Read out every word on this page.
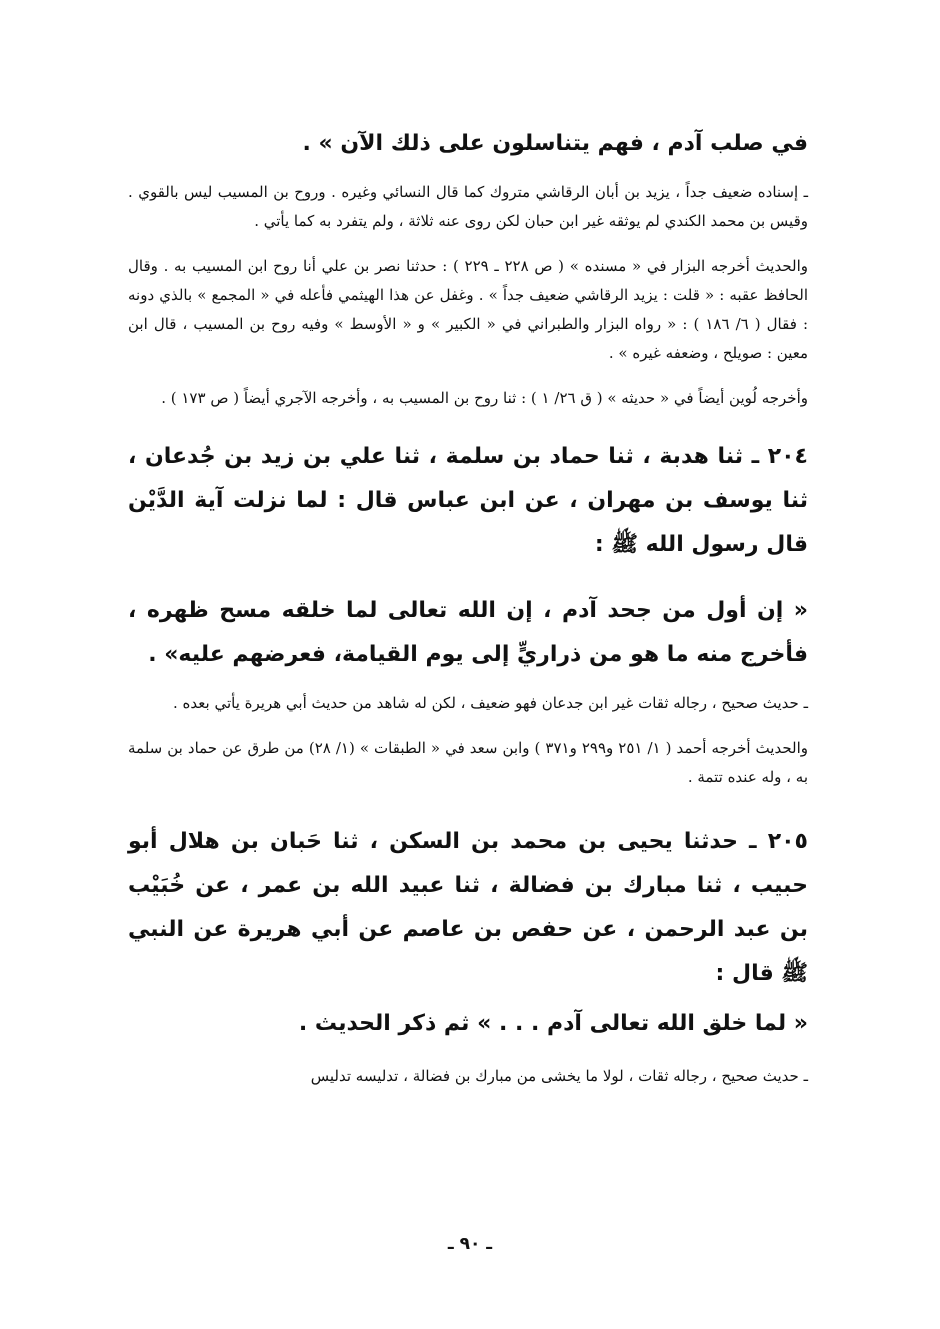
في صلب آدم ، فهم يتناسلون على ذلك الآن » .

ـ إسناده ضعيف جداً ، يزيد بن أبان الرقاشي متروك كما قال النسائي وغيره . وروح بن المسيب ليس بالقوي . وقيس بن محمد الكندي لم يوثقه غير ابن حبان لكن روى عنه ثلاثة ، ولم يتفرد به كما يأتي .

والحديث أخرجه البزار في « مسنده » ( ص ٢٢٨ ـ ٢٢٩ ) : حدثنا نصر بن علي أنا روح ابن المسيب به . وقال الحافظ عقبه : « قلت : يزيد الرقاشي ضعيف جداً » . وغفل عن هذا الهيثمي فأعله في « المجمع » بالذي دونه : فقال ( ٦/ ١٨٦ ) : « رواه البزار والطبراني في « الكبير » و « الأوسط » وفيه روح بن المسيب ، قال ابن معين : صويلح ، وضعفه غيره » .

وأخرجه لُوين أيضاً في « حديثه » ( ق ٢٦/ ١ ) : ثنا روح بن المسيب به ، وأخرجه الآجري أيضاً ( ص ١٧٣ ) .

٢٠٤ ـ ثنا هدبة ، ثنا حماد بن سلمة ، ثنا علي بن زيد بن جُدعان ، ثنا يوسف بن مهران ، عن ابن عباس قال : لما نزلت آية الدَّيْن قال رسول الله ﷺ :

« إن أول من جحد آدم ، إن الله تعالى لما خلقه مسح ظهره ، فأخرج منه ما هو من ذراريٍّ إلى يوم القيامة، فعرضهم عليه» .

ـ حديث صحيح ، رجاله ثقات غير ابن جدعان فهو ضعيف ، لكن له شاهد من حديث أبي هريرة يأتي بعده .

والحديث أخرجه أحمد ( ١/ ٢٥١ و٢٩٩ و٣٧١ ) وابن سعد في « الطبقات » (١/ ٢٨) من طرق عن حماد بن سلمة به ، وله عنده تتمة .

٢٠٥ ـ حدثنا يحيى بن محمد بن السكن ، ثنا حَبان بن هلال أبو حبيب ، ثنا مبارك بن فضالة ، ثنا عبيد الله بن عمر ، عن خُبَيْب بن عبد الرحمن ، عن حفص بن عاصم عن أبي هريرة عن النبي ﷺ قال :

« لما خلق الله تعالى آدم . . . » ثم ذكر الحديث .

ـ حديث صحيح ، رجاله ثقات ، لولا ما يخشى من مبارك بن فضالة ، تدليسه تدليس

ـ ٩٠ ـ
